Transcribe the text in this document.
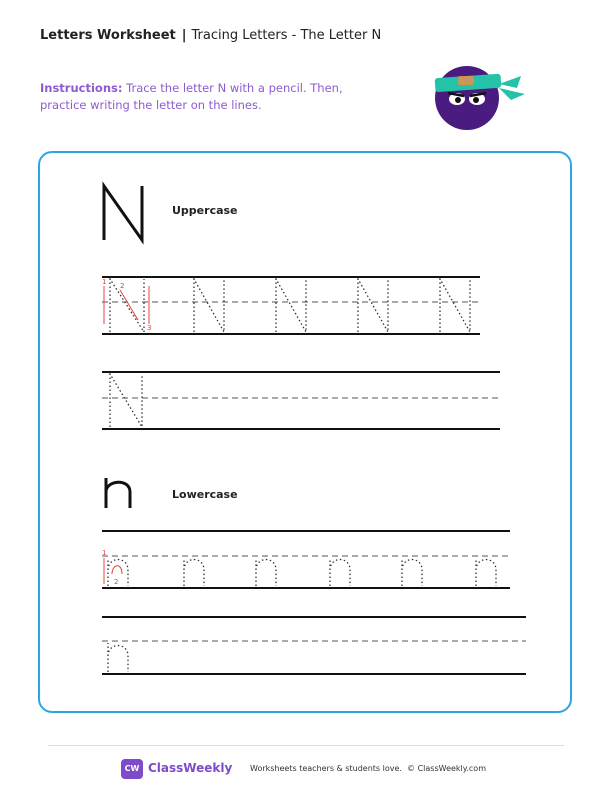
Letters Worksheet | Tracing Letters - The Letter N
Instructions: Trace the letter N with a pencil. Then, practice writing the letter on the lines.
Uppercase
1 2
3
Lowercase
1
2
CW ClassWeekly Worksheets teachers & students love. © ClassWeekly.com
